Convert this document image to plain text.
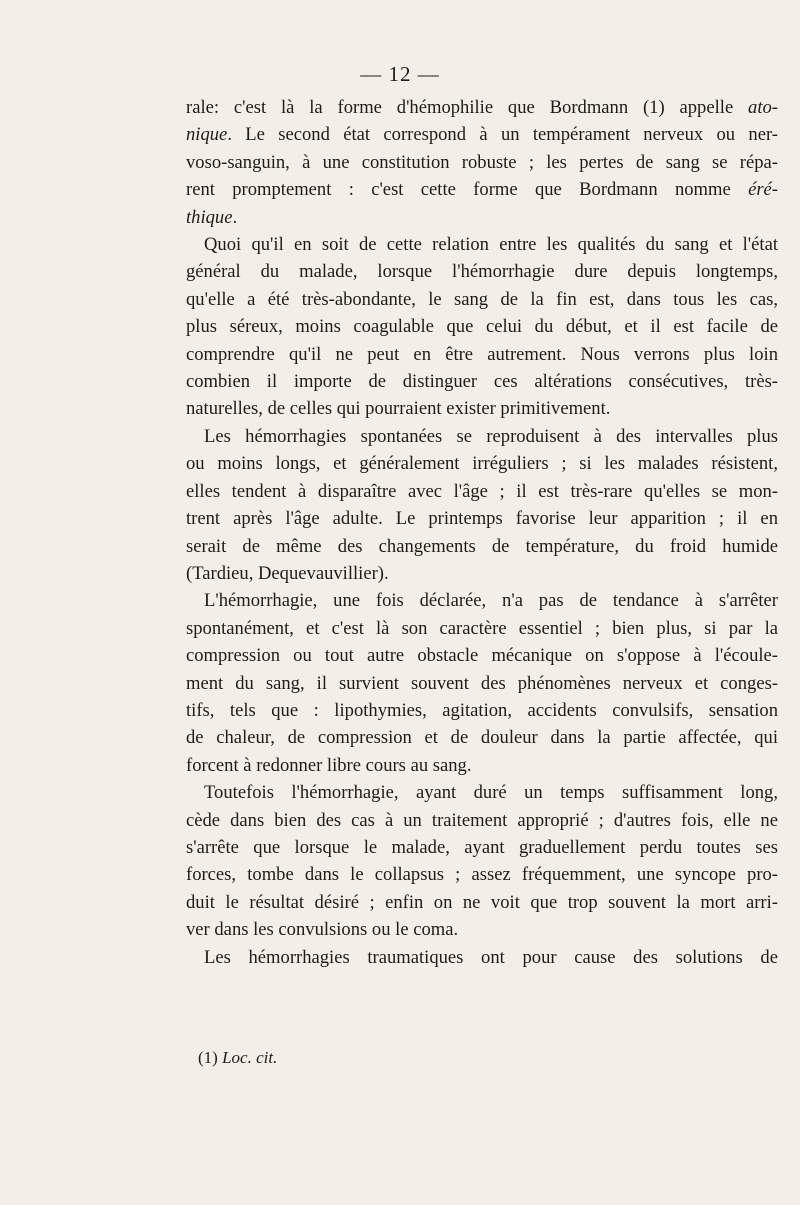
— 12 —

rale: c'est là la forme d'hémophilie que Bordmann (1) appelle ato-

nique. Le second état correspond à un tempérament nerveux ou ner-

voso-sanguin, à une constitution robuste ; les pertes de sang se répa-

rent promptement : c'est cette forme que Bordmann nomme éré-

thique.

Quoi qu'il en soit de cette relation entre les qualités du sang et l'état

général du malade, lorsque l'hémorrhagie dure depuis longtemps,

qu'elle a été très-abondante, le sang de la fin est, dans tous les cas,

plus séreux, moins coagulable que celui du début, et il est facile de

comprendre qu'il ne peut en être autrement. Nous verrons plus loin

combien il importe de distinguer ces altérations consécutives, très-

naturelles, de celles qui pourraient exister primitivement.

Les hémorrhagies spontanées se reproduisent à des intervalles plus

ou moins longs, et généralement irréguliers ; si les malades résistent,

elles tendent à disparaître avec l'âge ; il est très-rare qu'elles se mon-

trent après l'âge adulte. Le printemps favorise leur apparition ; il en

serait de même des changements de température, du froid humide

(Tardieu, Dequevauvillier).

L'hémorrhagie, une fois déclarée, n'a pas de tendance à s'arrêter

spontanément, et c'est là son caractère essentiel ; bien plus, si par la

compression ou tout autre obstacle mécanique on s'oppose à l'écoule-

ment du sang, il survient souvent des phénomènes nerveux et conges-

tifs, tels que : lipothymies, agitation, accidents convulsifs, sensation

de chaleur, de compression et de douleur dans la partie affectée, qui

forcent à redonner libre cours au sang.

Toutefois l'hémorrhagie, ayant duré un temps suffisamment long,

cède dans bien des cas à un traitement approprié ; d'autres fois, elle ne

s'arrête que lorsque le malade, ayant graduellement perdu toutes ses

forces, tombe dans le collapsus ; assez fréquemment, une syncope pro-

duit le résultat désiré ; enfin on ne voit que trop souvent la mort arri-

ver dans les convulsions ou le coma.

Les hémorrhagies traumatiques ont pour cause des solutions de

(1) Loc. cit.
